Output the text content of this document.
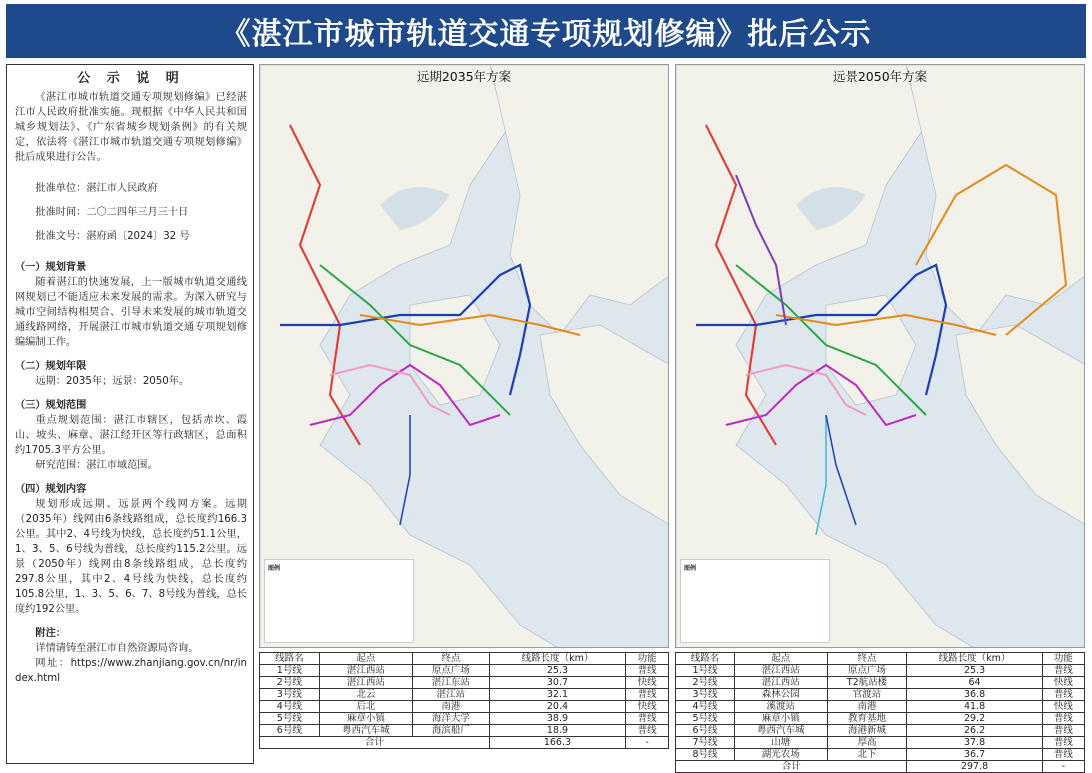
《湛江市城市轨道交通专项规划修编》批后公示
公 示 说 明

《湛江市城市轨道交通专项规划修编》已经湛江市人民政府批准实施。现根据《中华人民共和国城乡规划法》、《广东省城乡规划条例》的有关规定，依法将《湛江市城市轨道交通专项规划修编》批后成果进行公告。

批准单位：湛江市人民政府

批准时间：二〇二四年三月三十日

批准文号：湛府函〔2024〕32 号

（一）规划背景

随着湛江的快速发展，上一版城市轨道交通线网规划已不能适应未来发展的需求。为深入研究与城市空间结构相契合、引导未来发展的城市轨道交通线路网络，开展湛江市城市轨道交通专项规划修编编制工作。

（二）规划年限

远期：2035年；远景：2050年。

（三）规划范围

重点规划范围：湛江市辖区，包括赤坎、霞山、坡头、麻章、湛江经开区等行政辖区，总面积约1705.3平方公里。

研究范围：湛江市域范围。

（四）规划内容

规划形成远期、远景两个线网方案。远期（2035年）线网由6条线路组成，总长度约166.3公里。其中2、4号线为快线，总长度约51.1公里，1、3、5、6号线为普线，总长度约115.2公里。远景（2050年）线网由8条线路组成，总长度约297.8公里，其中2、4号线为快线，总长度约105.8公里，1、3、5、6、7、8号线为普线，总长度约192公里。

附注：

详情请铸至湛江市自然资源局咨询。

网址：https://www.zhanjiang.gov.cn/nr/index.html

远期2035年方案
图例
远景2050年方案
图例
线路名	起点	终点	线路长度（km）	功能
1号线	湛江西站	原点广场	25.3	普线
2号线	湛江西站	湛江东站	30.7	快线
3号线	北云	湛江站	32.1	普线
4号线	后北	南港	20.4	快线
5号线	麻章小镇	海洋大学	38.9	普线
6号线	粤西汽车城	海滨船厂	18.9	普线
合计			166.3	-
线路名	起点	终点	线路长度（km）	功能
1号线	湛江西站	原点广场	25.3	普线
2号线	湛江西站	T2航站楼	64	快线
3号线	森林公园	官渡站	36.8	普线
4号线	溪渡站	南港	41.8	快线
5号线	麻章小镇	教育基地	29.2	普线
6号线	粤西汽车城	海港新城	26.2	普线
7号线	山塘	厚高	37.8	普线
8号线	湖光农场	北下	36.7	普线
合计			297.8	-
